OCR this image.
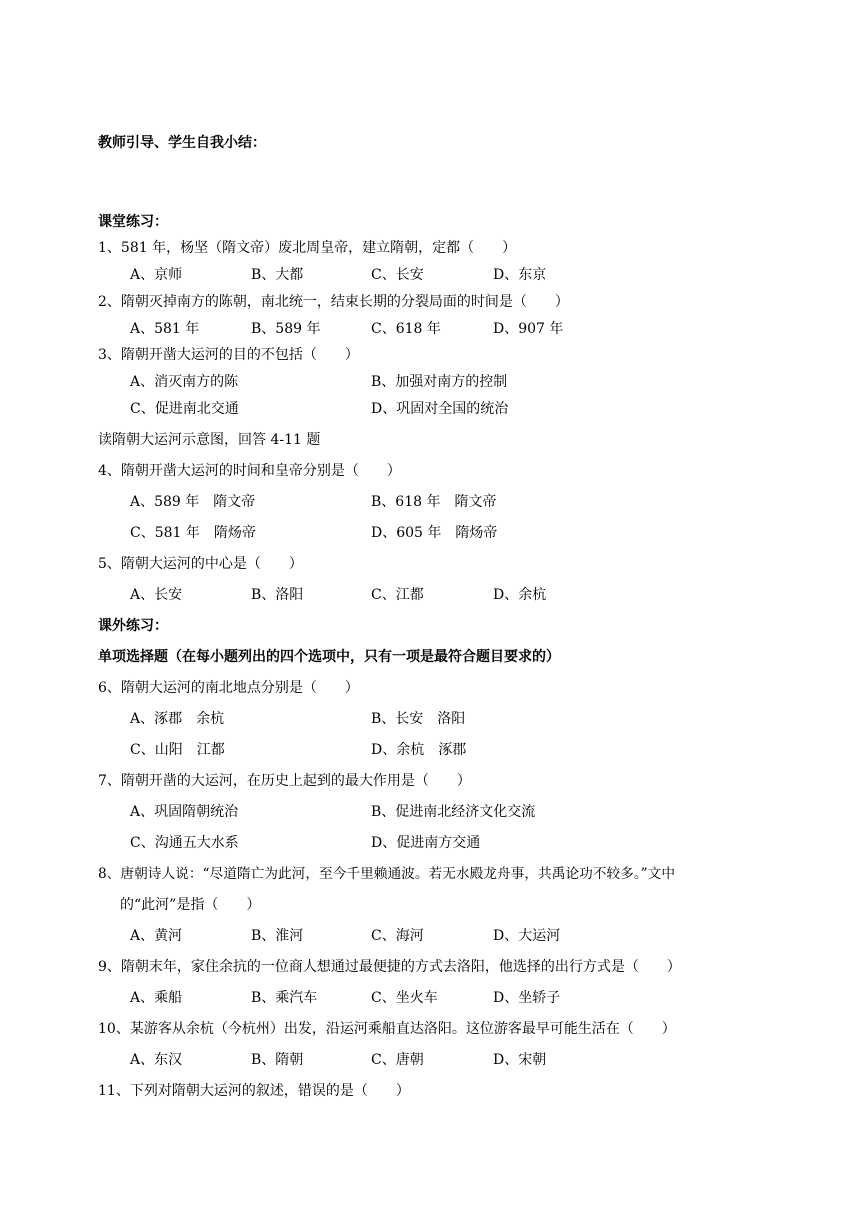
教师引导、学生自我小结：
课堂练习：
1、581 年，杨坚（隋文帝）废北周皇帝，建立隋朝，定都（　　）
A、京师	B、大都	C、长安	D、东京
2、隋朝灭掉南方的陈朝，南北统一，结束长期的分裂局面的时间是（　　）
A、581 年	B、589 年	C、618 年	D、907 年
3、隋朝开凿大运河的目的不包括（　　）
A、消灭南方的陈	B、加强对南方的控制
C、促进南北交通	D、巩固对全国的统治
读隋朝大运河示意图，回答 4-11 题
4、隋朝开凿大运河的时间和皇帝分别是（　　）
A、589 年　隋文帝	B、618 年　隋文帝
C、581 年　隋炀帝	D、605 年　隋炀帝
5、隋朝大运河的中心是（　　）
A、长安	B、洛阳	C、江都	D、余杭
课外练习：
单项选择题（在每小题列出的四个选项中，只有一项是最符合题目要求的）
6、隋朝大运河的南北地点分别是（　　）
A、涿郡　余杭	B、长安　洛阳
C、山阳　江都	D、余杭　涿郡
7、隋朝开凿的大运河，在历史上起到的最大作用是（　　）
A、巩固隋朝统治	B、促进南北经济文化交流
C、沟通五大水系	D、促进南方交通
8、唐朝诗人说：“尽道隋亡为此河，至今千里赖通波。若无水殿龙舟事，共禹论功不较多。”文中
的“此河”是指（　　）
A、黄河	B、淮河	C、海河	D、大运河
9、隋朝末年，家住余抗的一位商人想通过最便捷的方式去洛阳，他选择的出行方式是（　　）
A、乘船	B、乘汽车	C、坐火车	D、坐轿子
10、某游客从余杭（今杭州）出发，沿运河乘船直达洛阳。这位游客最早可能生活在（　　）
A、东汉	B、隋朝	C、唐朝	D、宋朝
11、下列对隋朝大运河的叙述，错误的是（　　）
